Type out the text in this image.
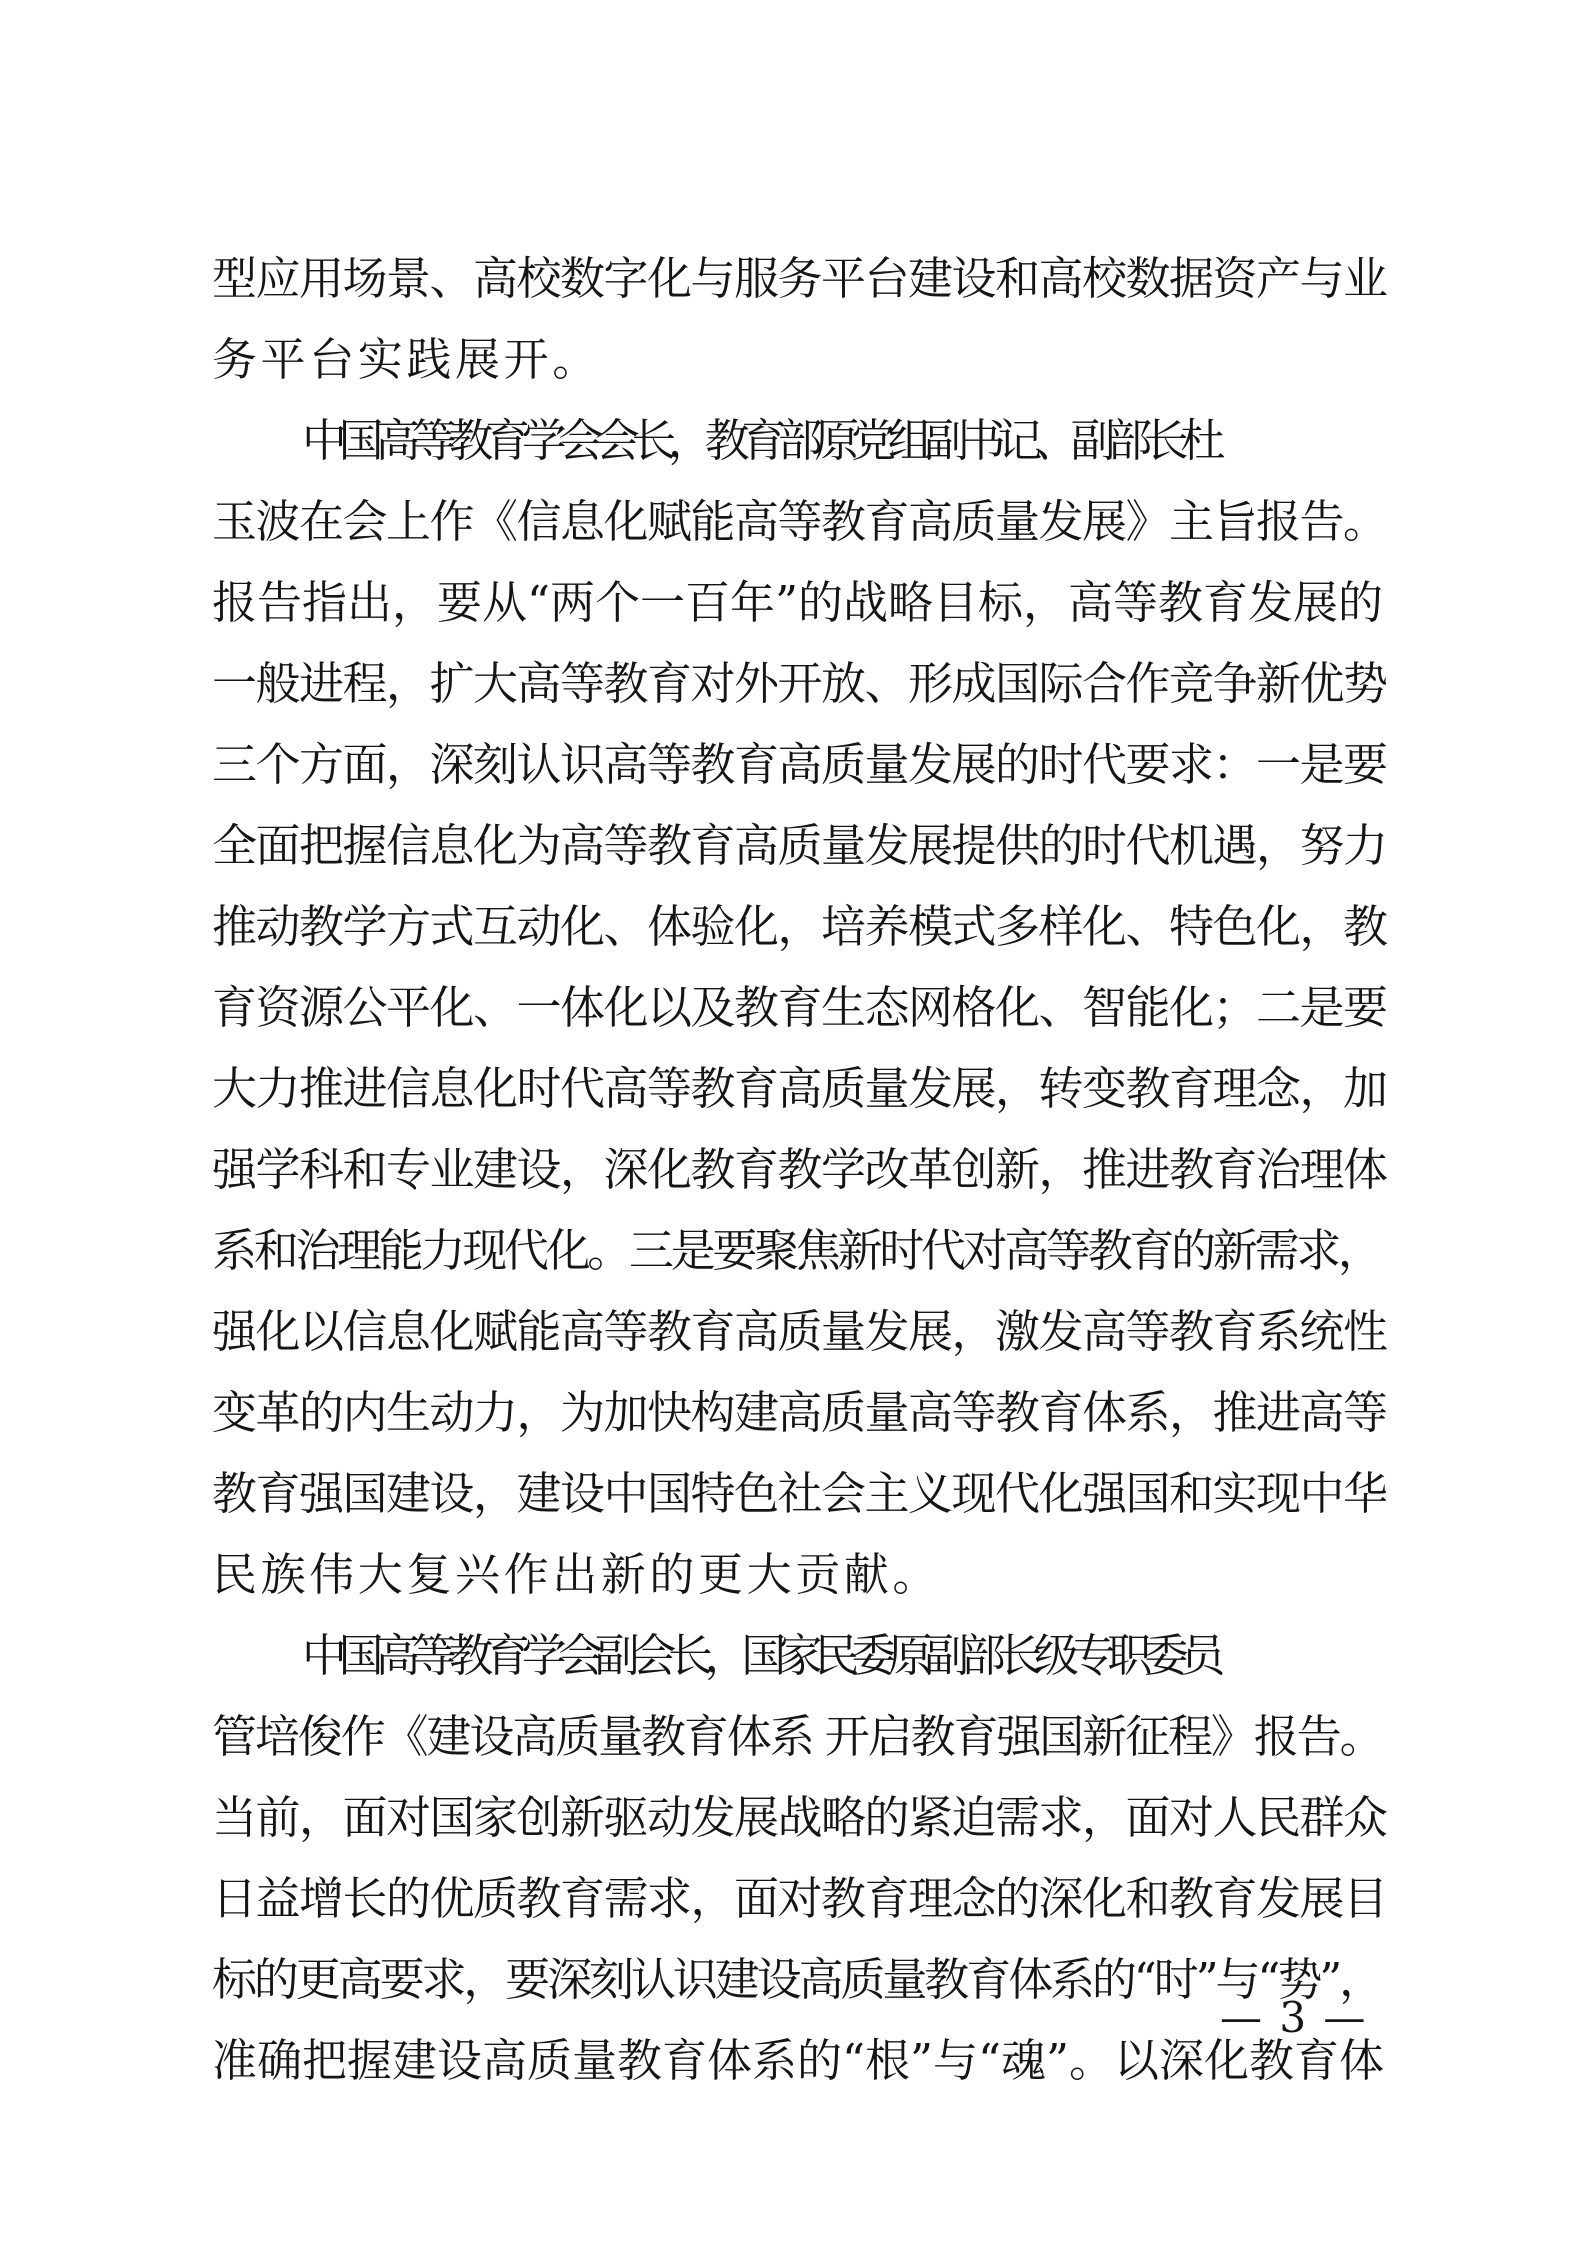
型应用场景、高校数字化与服务平台建设和高校数据资产与业
务平台实践展开。

中国高等教育学会会长，教育部原党组副书记、副部长杜
玉波在会上作《信息化赋能高等教育高质量发展》主旨报告。
报告指出，要从“两个一百年”的战略目标，高等教育发展的
一般进程，扩大高等教育对外开放、形成国际合作竞争新优势
三个方面，深刻认识高等教育高质量发展的时代要求：一是要
全面把握信息化为高等教育高质量发展提供的时代机遇，努力
推动教学方式互动化、体验化，培养模式多样化、特色化，教
育资源公平化、一体化以及教育生态网格化、智能化；二是要
大力推进信息化时代高等教育高质量发展，转变教育理念，加
强学科和专业建设，深化教育教学改革创新，推进教育治理体
系和治理能力现代化。三是要聚焦新时代对高等教育的新需求，
强化以信息化赋能高等教育高质量发展，激发高等教育系统性
变革的内生动力，为加快构建高质量高等教育体系，推进高等
教育强国建设，建设中国特色社会主义现代化强国和实现中华
民族伟大复兴作出新的更大贡献。

中国高等教育学会副会长，国家民委原副部长级专职委员
管培俊作《建设高质量教育体系 开启教育强国新征程》报告。
当前，面对国家创新驱动发展战略的紧迫需求，面对人民群众
日益增长的优质教育需求，面对教育理念的深化和教育发展目
标的更高要求，要深刻认识建设高质量教育体系的“时”与“势”，
准确把握建设高质量教育体系的“根”与“魂”。以深化教育体

— 3 —
